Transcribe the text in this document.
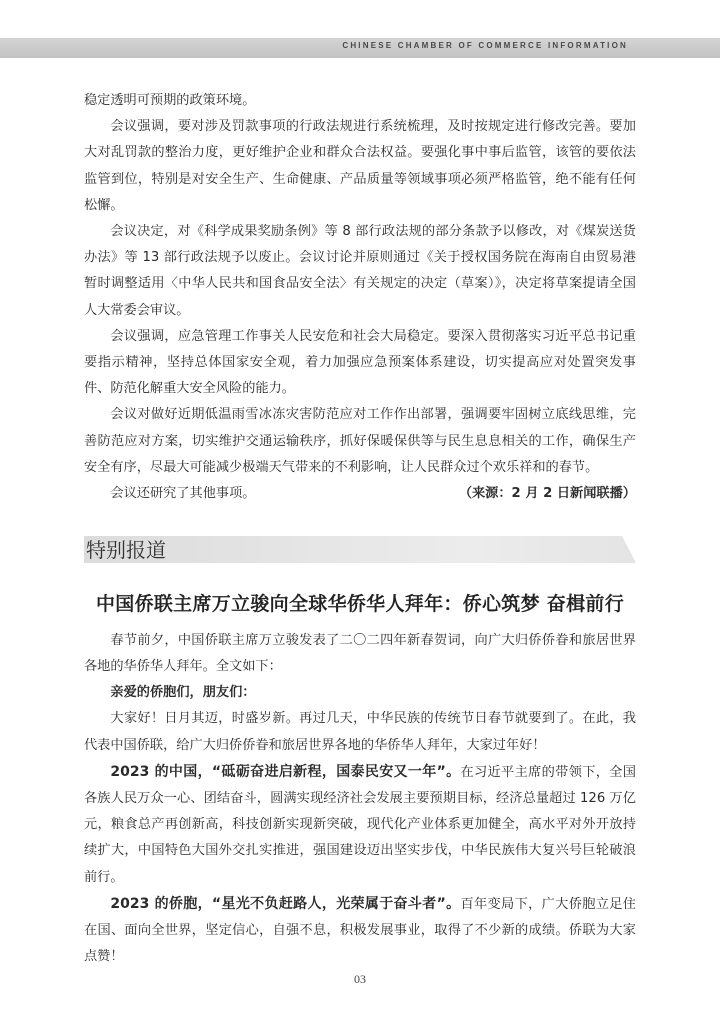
CHINESE CHAMBER OF COMMERCE INFORMATION

稳定透明可预期的政策环境。

会议强调，要对涉及罚款事项的行政法规进行系统梳理，及时按规定进行修改完善。要加大对乱罚款的整治力度，更好维护企业和群众合法权益。要强化事中事后监管，该管的要依法监管到位，特别是对安全生产、生命健康、产品质量等领域事项必须严格监管，绝不能有任何松懈。

会议决定，对《科学成果奖励条例》等 8 部行政法规的部分条款予以修改，对《煤炭送货办法》等 13 部行政法规予以废止。会议讨论并原则通过《关于授权国务院在海南自由贸易港暂时调整适用〈中华人民共和国食品安全法〉有关规定的决定（草案）》，决定将草案提请全国人大常委会审议。

会议强调，应急管理工作事关人民安危和社会大局稳定。要深入贯彻落实习近平总书记重要指示精神，坚持总体国家安全观，着力加强应急预案体系建设，切实提高应对处置突发事件、防范化解重大安全风险的能力。

会议对做好近期低温雨雪冰冻灾害防范应对工作作出部署，强调要牢固树立底线思维，完善防范应对方案，切实维护交通运输秩序，抓好保暖保供等与民生息息相关的工作，确保生产安全有序，尽最大可能减少极端天气带来的不利影响，让人民群众过个欢乐祥和的春节。

会议还研究了其他事项。	（来源：2 月 2 日新闻联播）
特别报道
中国侨联主席万立骏向全球华侨华人拜年：侨心筑梦 奋楫前行

春节前夕，中国侨联主席万立骏发表了二〇二四年新春贺词，向广大归侨侨眷和旅居世界各地的华侨华人拜年。全文如下：

亲爱的侨胞们，朋友们：

大家好！日月其迈，时盛岁新。再过几天，中华民族的传统节日春节就要到了。在此，我代表中国侨联，给广大归侨侨眷和旅居世界各地的华侨华人拜年，大家过年好！

2023 的中国，“砥砺奋进启新程，国泰民安又一年”。在习近平主席的带领下，全国各族人民万众一心、团结奋斗，圆满实现经济社会发展主要预期目标，经济总量超过 126 万亿元，粮食总产再创新高，科技创新实现新突破，现代化产业体系更加健全，高水平对外开放持续扩大，中国特色大国外交扎实推进，强国建设迈出坚实步伐，中华民族伟大复兴号巨轮破浪前行。

2023 的侨胞，“星光不负赶路人，光荣属于奋斗者”。百年变局下，广大侨胞立足住在国、面向全世界，坚定信心，自强不息，积极发展事业，取得了不少新的成绩。侨联为大家点赞！

03
